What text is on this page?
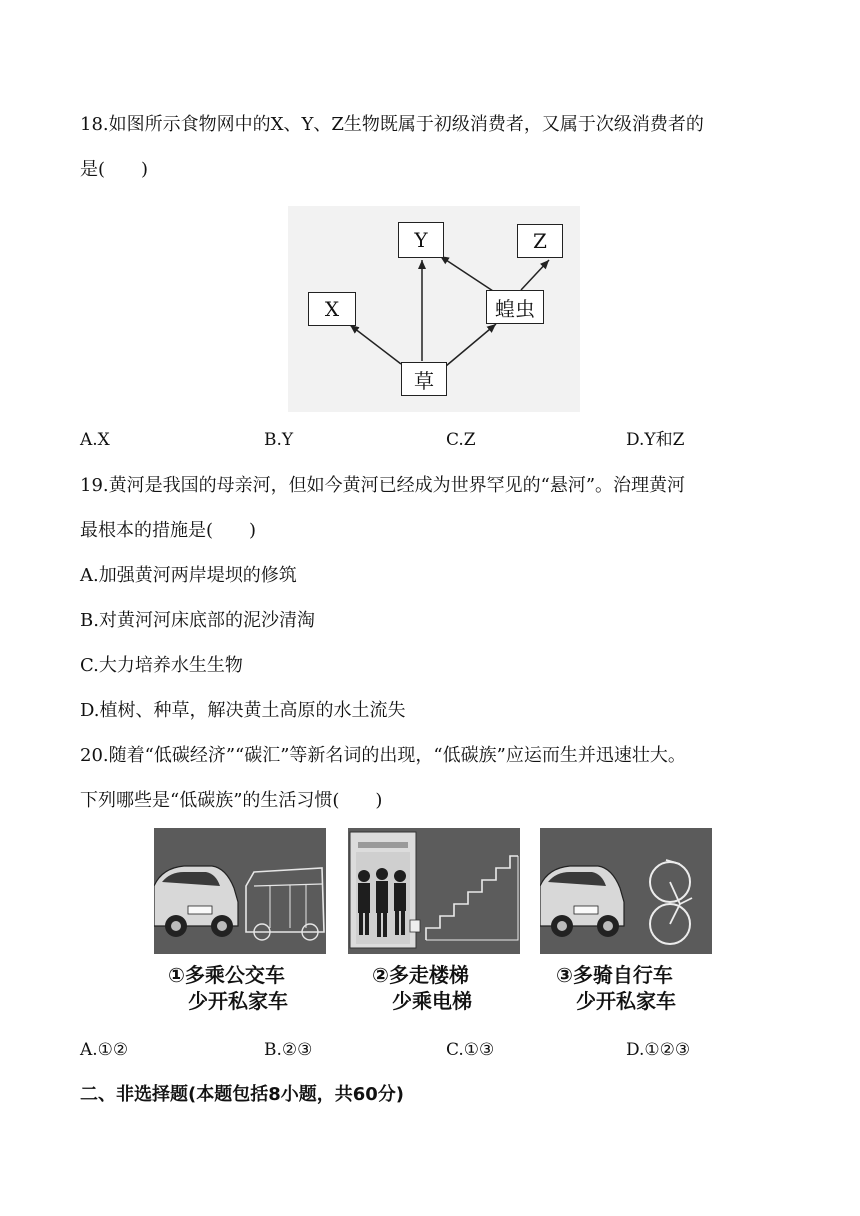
18.如图所示食物网中的X、Y、Z生物既属于初级消费者，又属于次级消费者的
是(　　)
Y	Z
X	蝗虫
草
A.X	B.Y	C.Z	D.Y和Z
19.黄河是我国的母亲河，但如今黄河已经成为世界罕见的“悬河”。治理黄河
最根本的措施是(　　)
A.加强黄河两岸堤坝的修筑
B.对黄河河床底部的泥沙清淘
C.大力培养水生生物
D.植树、种草，解决黄土高原的水土流失
20.随着“低碳经济”“碳汇”等新名词的出现，“低碳族”应运而生并迅速壮大。
下列哪些是“低碳族”的生活习惯(　　)
①多乘公交车
　少开私家车
②多走楼梯
　少乘电梯
③多骑自行车
　少开私家车
A.①②	B.②③	C.①③	D.①②③
二、非选择题(本题包括8小题，共60分)
